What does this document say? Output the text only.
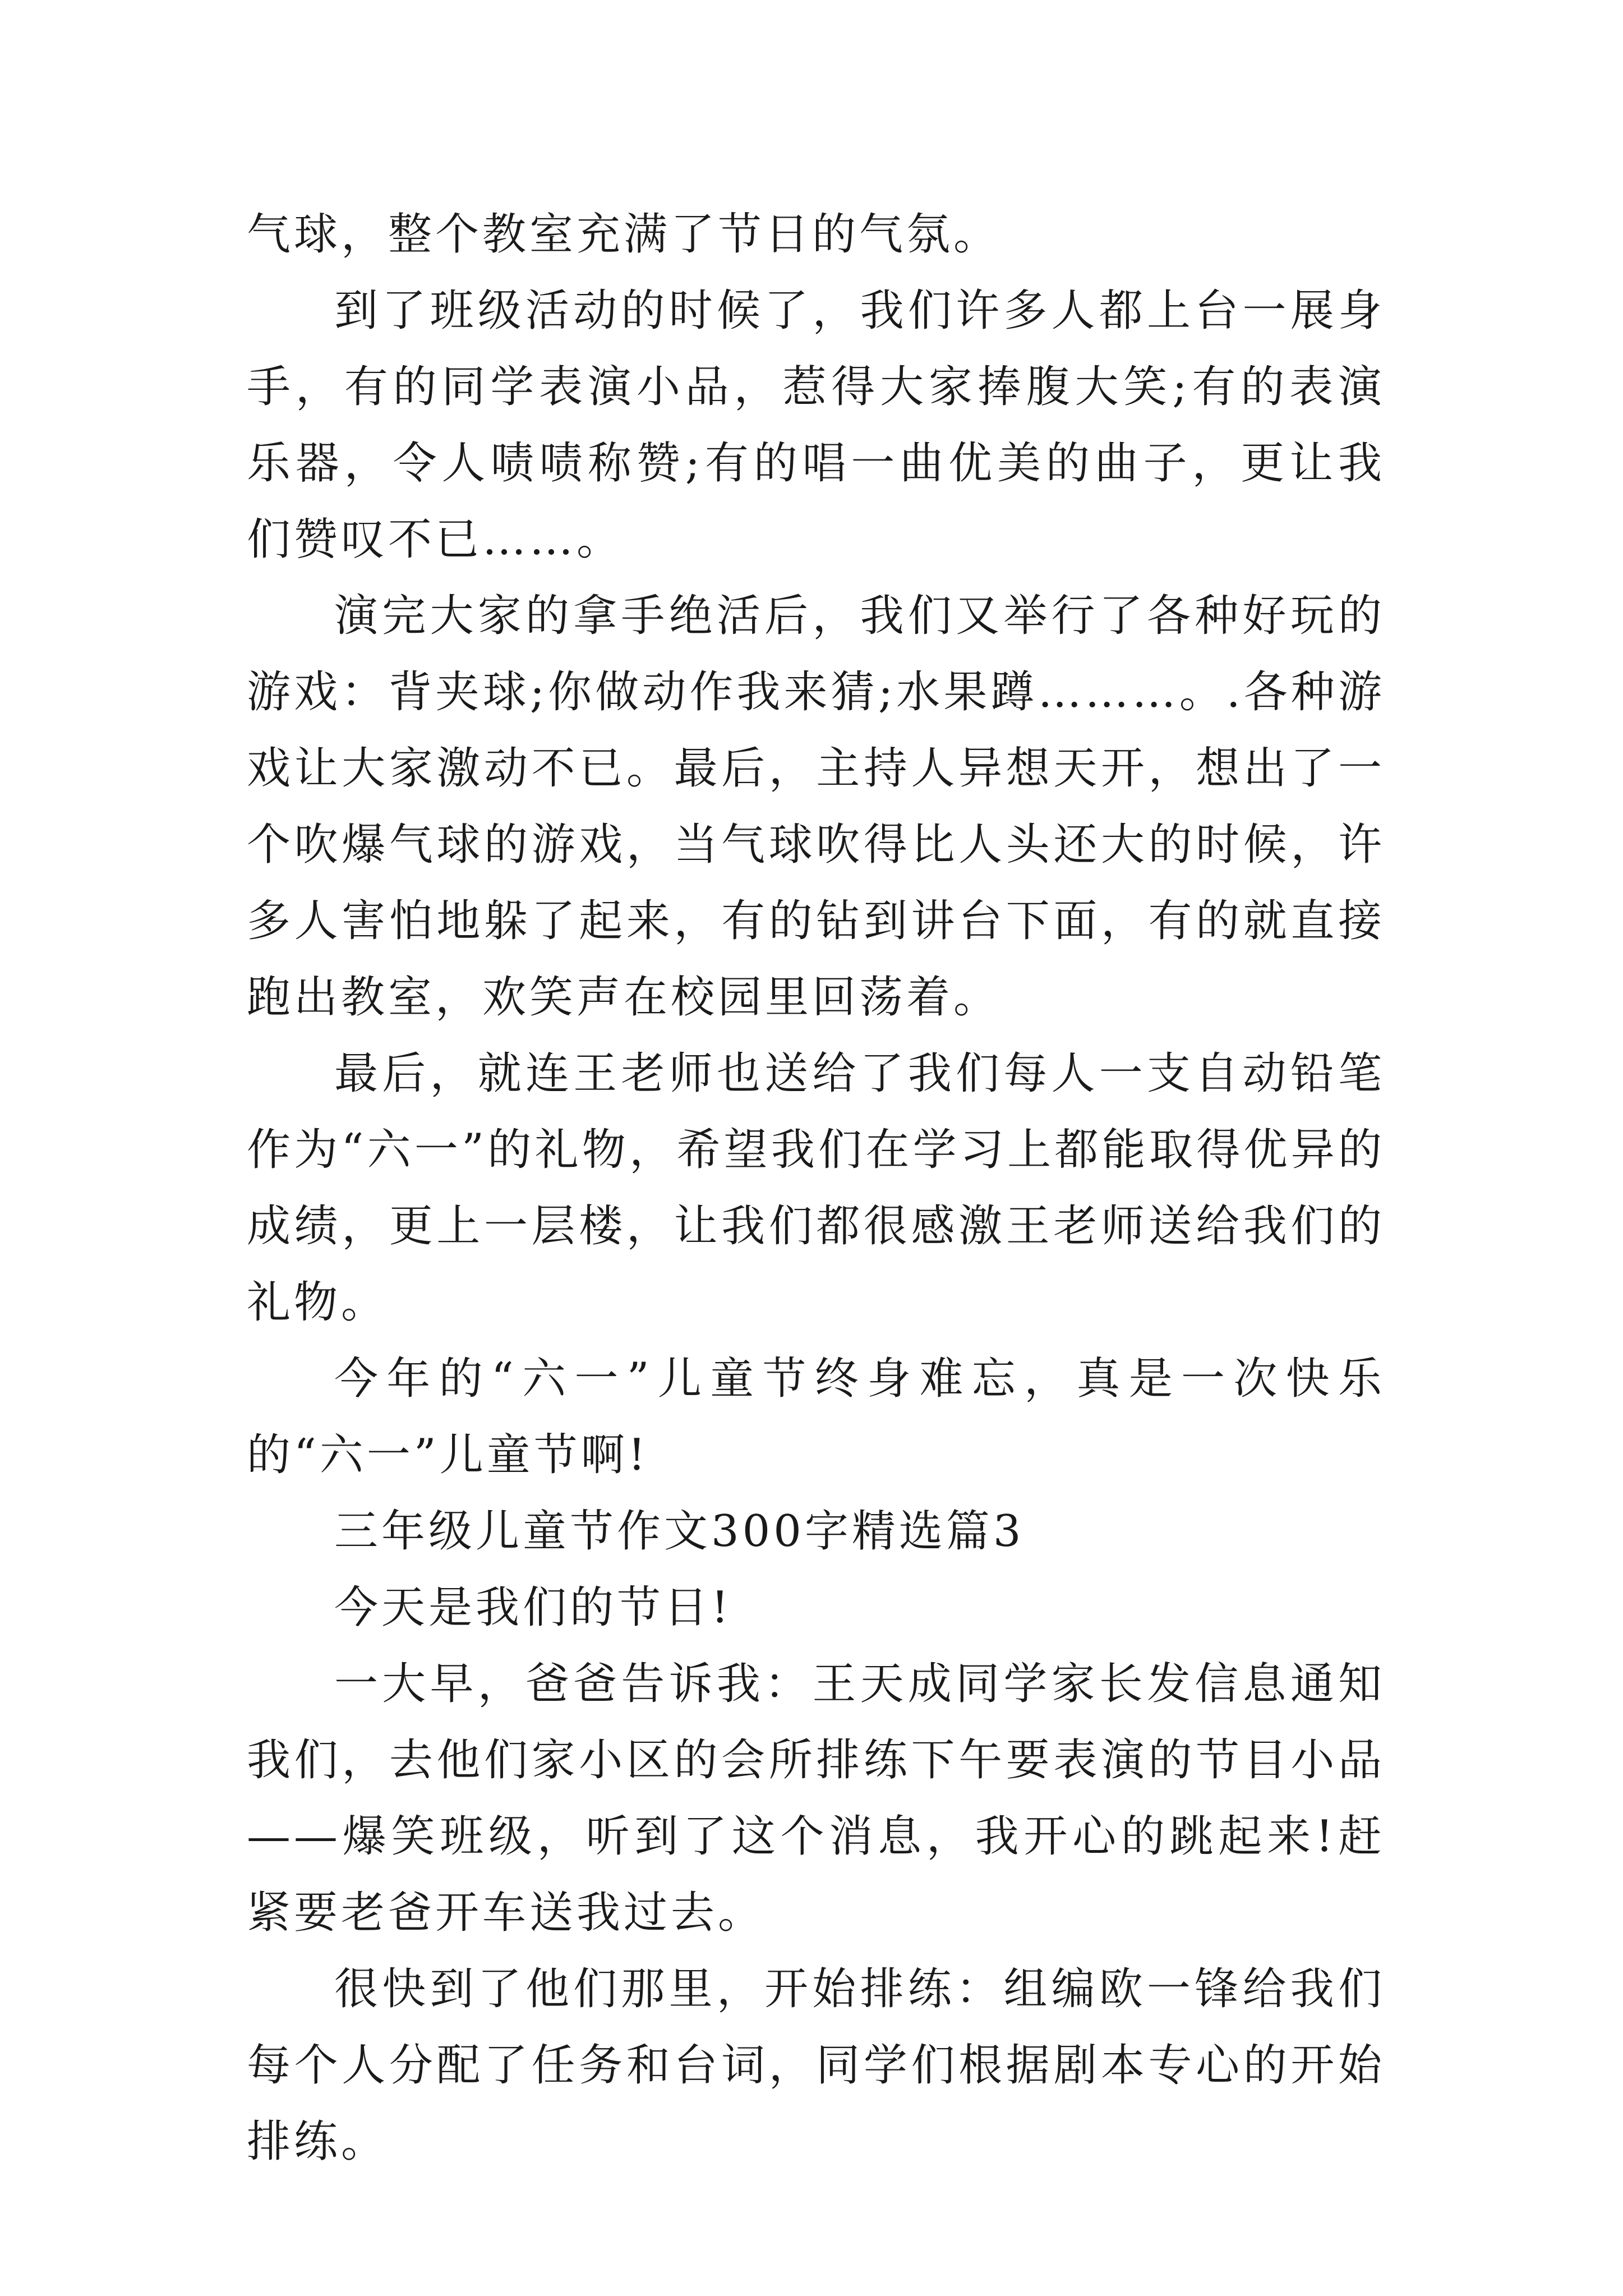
气球，整个教室充满了节日的气氛。

到了班级活动的时候了，我们许多人都上台一展身手，有的同学表演小品，惹得大家捧腹大笑;有的表演乐器，令人啧啧称赞;有的唱一曲优美的曲子，更让我们赞叹不已……。

演完大家的拿手绝活后，我们又举行了各种好玩的游戏：背夹球;你做动作我来猜;水果蹲………。.各种游戏让大家激动不已。最后，主持人异想天开，想出了一个吹爆气球的游戏，当气球吹得比人头还大的时候，许多人害怕地躲了起来，有的钻到讲台下面，有的就直接跑出教室，欢笑声在校园里回荡着。

最后，就连王老师也送给了我们每人一支自动铅笔作为“六一”的礼物，希望我们在学习上都能取得优异的成绩，更上一层楼，让我们都很感激王老师送给我们的礼物。

今年的“六一”儿童节终身难忘，真是一次快乐的“六一”儿童节啊!

三年级儿童节作文300字精选篇3

今天是我们的节日!

一大早，爸爸告诉我：王天成同学家长发信息通知我们，去他们家小区的会所排练下午要表演的节目小品——爆笑班级，听到了这个消息，我开心的跳起来!赶紧要老爸开车送我过去。

很快到了他们那里，开始排练：组编欧一锋给我们每个人分配了任务和台词，同学们根据剧本专心的开始排练。
